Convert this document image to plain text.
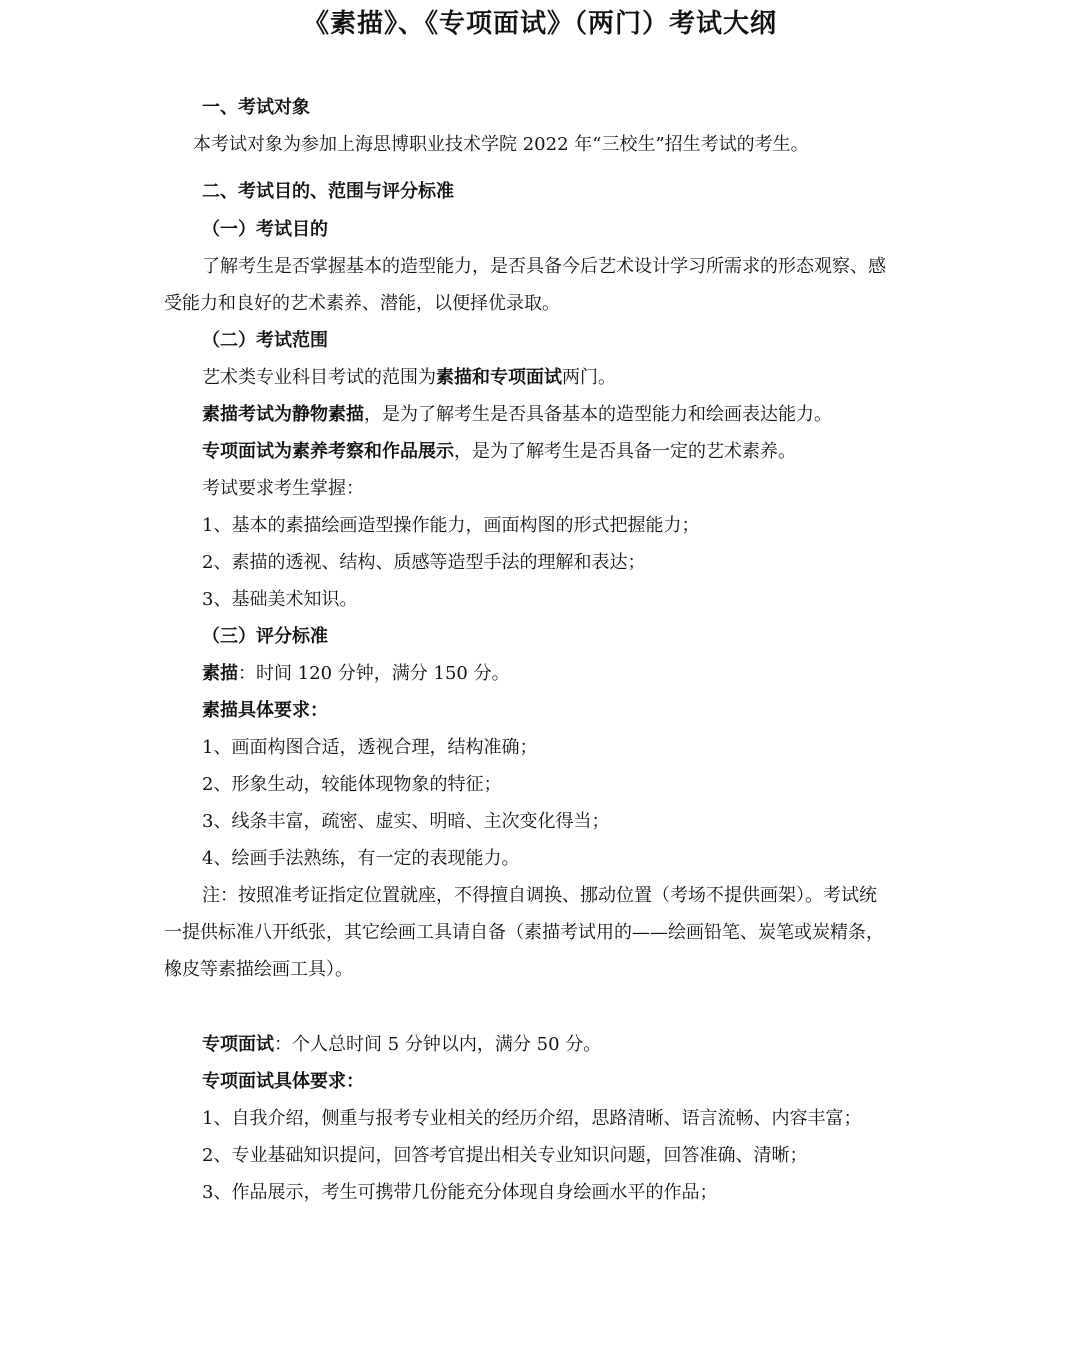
《素描》、《专项面试》（两门）考试大纲

一、考试对象

本考试对象为参加上海思博职业技术学院 2022 年“三校生”招生考试的考生。

二、考试目的、范围与评分标准

（一）考试目的

了解考生是否掌握基本的造型能力，是否具备今后艺术设计学习所需求的形态观察、感

受能力和良好的艺术素养、潜能，以便择优录取。

（二）考试范围

艺术类专业科目考试的范围为素描和专项面试两门。

素描考试为静物素描，是为了解考生是否具备基本的造型能力和绘画表达能力。

专项面试为素养考察和作品展示，是为了解考生是否具备一定的艺术素养。

考试要求考生掌握：

1、基本的素描绘画造型操作能力，画面构图的形式把握能力；

2、素描的透视、结构、质感等造型手法的理解和表达；

3、基础美术知识。

（三）评分标准

素描：时间 120 分钟，满分 150 分。

素描具体要求：

1、画面构图合适，透视合理，结构准确；

2、形象生动，较能体现物象的特征；

3、线条丰富，疏密、虚实、明暗、主次变化得当；

4、绘画手法熟练，有一定的表现能力。

注：按照准考证指定位置就座，不得擅自调换、挪动位置（考场不提供画架）。考试统

一提供标准八开纸张，其它绘画工具请自备（素描考试用的——绘画铅笔、炭笔或炭精条，

橡皮等素描绘画工具）。

专项面试：个人总时间 5 分钟以内，满分 50 分。

专项面试具体要求：

1、自我介绍，侧重与报考专业相关的经历介绍，思路清晰、语言流畅、内容丰富；

2、专业基础知识提问，回答考官提出相关专业知识问题，回答准确、清晰；

3、作品展示，考生可携带几份能充分体现自身绘画水平的作品；
